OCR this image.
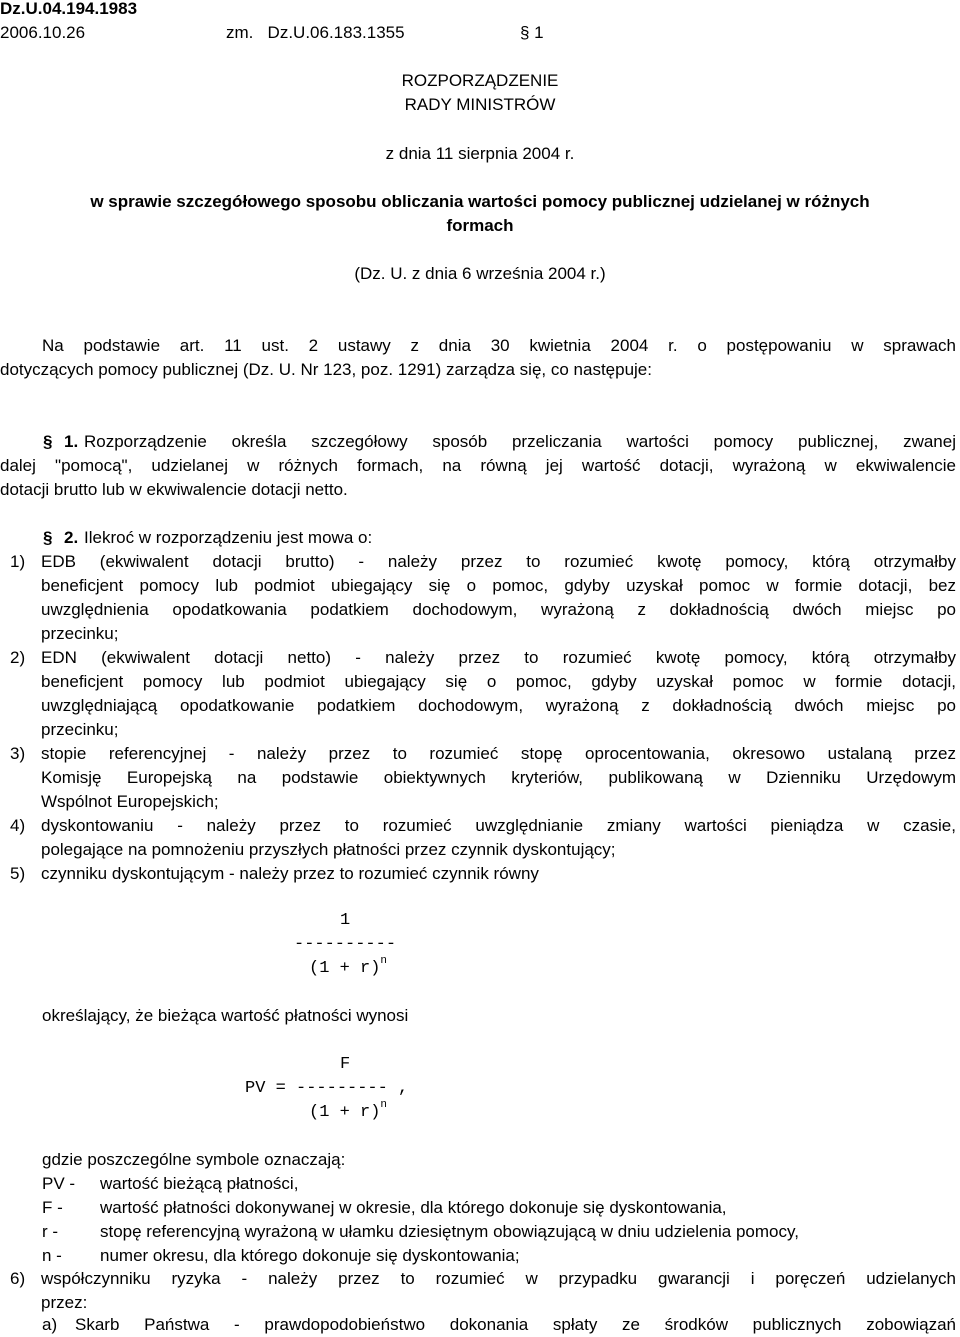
Dz.U.04.194.1983
2006.10.26	zm.   Dz.U.06.183.1355	§ 1
ROZPORZĄDZENIE
RADY MINISTRÓW
z dnia 11 sierpnia 2004 r.
w sprawie szczegółowego sposobu obliczania wartości pomocy publicznej udzielanej w różnych
formach
(Dz. U. z dnia 6 września 2004 r.)
Na podstawie art. 11 ust. 2 ustawy z dnia 30 kwietnia 2004 r. o postępowaniu w sprawach
dotyczących pomocy publicznej (Dz. U. Nr 123, poz. 1291) zarządza się, co następuje:
§ 1. Rozporządzenie określa szczegółowy sposób przeliczania wartości pomocy publicznej, zwanej
dalej "pomocą", udzielanej w różnych formach, na równą jej wartość dotacji, wyrażoną w ekwiwalencie
dotacji brutto lub w ekwiwalencie dotacji netto.
§ 2. Ilekroć w rozporządzeniu jest mowa o:
1) EDB (ekwiwalent dotacji brutto) - należy przez to rozumieć kwotę pomocy, którą otrzymałby
beneficjent pomocy lub podmiot ubiegający się o pomoc, gdyby uzyskał pomoc w formie dotacji, bez
uwzględnienia opodatkowania podatkiem dochodowym, wyrażoną z dokładnością dwóch miejsc po
przecinku;
2) EDN (ekwiwalent dotacji netto) - należy przez to rozumieć kwotę pomocy, którą otrzymałby
beneficjent pomocy lub podmiot ubiegający się o pomoc, gdyby uzyskał pomoc w formie dotacji,
uwzględniającą opodatkowanie podatkiem dochodowym, wyrażoną z dokładnością dwóch miejsc po
przecinku;
3) stopie referencyjnej - należy przez to rozumieć stopę oprocentowania, okresowo ustalaną przez
Komisję Europejską na podstawie obiektywnych kryteriów, publikowaną w Dzienniku Urzędowym
Wspólnot Europejskich;
4) dyskontowaniu - należy przez to rozumieć uwzględnianie zmiany wartości pieniądza w czasie,
polegające na pomnożeniu przyszłych płatności przez czynnik dyskontujący;
5) czynniku dyskontującym - należy przez to rozumieć czynnik równy
1
----------
$(1 + r)^n$
określający, że bieżąca wartość płatności wynosi
F
PV = --------- ,
$(1 + r)^n$
gdzie poszczególne symbole oznaczają:
PV - wartość bieżącą płatności,
F - wartość płatności dokonywanej w okresie, dla którego dokonuje się dyskontowania,
r - stopę referencyjną wyrażoną w ułamku dziesiętnym obowiązującą w dniu udzielenia pomocy,
n - numer okresu, dla którego dokonuje się dyskontowania;
6) współczynniku ryzyka - należy przez to rozumieć w przypadku gwarancji i poręczeń udzielanych
przez:
a) Skarb Państwa - prawdopodobieństwo dokonania spłaty ze środków publicznych zobowiązań
